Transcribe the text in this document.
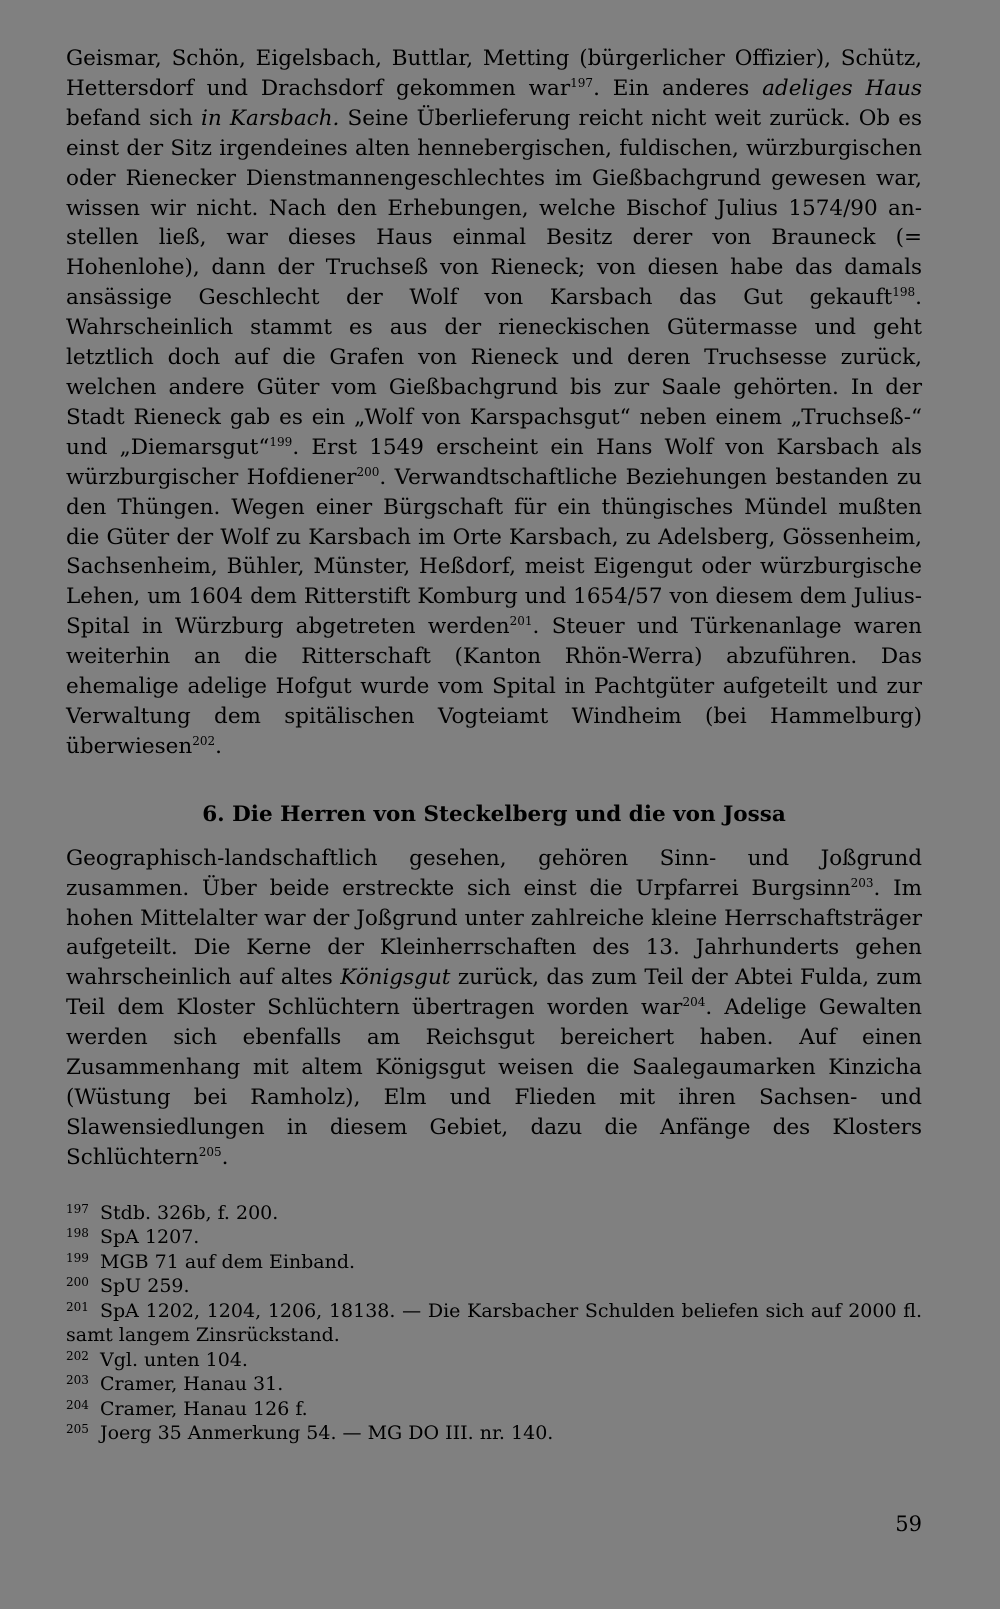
Geismar, Schön, Eigelsbach, Buttlar, Metting (bürgerlicher Offizier), Schütz, Hettersdorf und Drachsdorf gekommen war$^{197}$. Ein anderes adeliges Haus befand sich in Karsbach. Seine Überlieferung reicht nicht weit zurück. Ob es einst der Sitz irgendeines alten hennebergischen, fuldischen, würzburgischen oder Rienecker Dienstmannengeschlechtes im Gießbachgrund gewesen war, wissen wir nicht. Nach den Erhebungen, welche Bischof Julius 1574/90 anstellen ließ, war dieses Haus einmal Besitz derer von Brauneck (= Hohenlohe), dann der Truchseß von Rieneck; von diesen habe das damals ansässige Geschlecht der Wolf von Karsbach das Gut gekauft$^{198}$. Wahrscheinlich stammt es aus der rieneckischen Gütermasse und geht letztlich doch auf die Grafen von Rieneck und deren Truchsesse zurück, welchen andere Güter vom Gießbachgrund bis zur Saale gehörten. In der Stadt Rieneck gab es ein „Wolf von Karspachsgut“ neben einem „Truchseß-“ und „Diemarsgut“$^{199}$. Erst 1549 erscheint ein Hans Wolf von Karsbach als würzburgischer Hofdiener$^{200}$. Verwandtschaftliche Beziehungen bestanden zu den Thüngen. Wegen einer Bürgschaft für ein thüngisches Mündel mußten die Güter der Wolf zu Karsbach im Orte Karsbach, zu Adelsberg, Gössenheim, Sachsenheim, Bühler, Münster, Heßdorf, meist Eigengut oder würzburgische Lehen, um 1604 dem Ritterstift Komburg und 1654/57 von diesem dem Julius-Spital in Würzburg abgetreten werden$^{201}$. Steuer und Türkenanlage waren weiterhin an die Ritterschaft (Kanton Rhön-Werra) abzuführen. Das ehemalige adelige Hofgut wurde vom Spital in Pachtgüter aufgeteilt und zur Verwaltung dem spitälischen Vogteiamt Windheim (bei Hammelburg) überwiesen$^{202}$.

6. Die Herren von Steckelberg und die von Jossa

Geographisch-landschaftlich gesehen, gehören Sinn- und Joßgrund zusammen. Über beide erstreckte sich einst die Urpfarrei Burgsinn$^{203}$. Im hohen Mittelalter war der Joßgrund unter zahlreiche kleine Herrschaftsträger aufgeteilt. Die Kerne der Kleinherrschaften des 13. Jahrhunderts gehen wahrscheinlich auf altes Königsgut zurück, das zum Teil der Abtei Fulda, zum Teil dem Kloster Schlüchtern übertragen worden war$^{204}$. Adelige Gewalten werden sich ebenfalls am Reichsgut bereichert haben. Auf einen Zusammenhang mit altem Königsgut weisen die Saalegaumarken Kinzicha (Wüstung bei Ramholz), Elm und Flieden mit ihren Sachsen- und Slawensiedlungen in diesem Gebiet, dazu die Anfänge des Klosters Schlüchtern$^{205}$.

197 Stdb. 326b, f. 200.

198 SpA 1207.

199 MGB 71 auf dem Einband.

200 SpU 259.

201 SpA 1202, 1204, 1206, 18138. — Die Karsbacher Schulden beliefen sich auf 2000 fl. samt langem Zinsrückstand.

202 Vgl. unten 104.

203 Cramer, Hanau 31.

204 Cramer, Hanau 126 f.

205 Joerg 35 Anmerkung 54. — MG DO III. nr. 140.

59
